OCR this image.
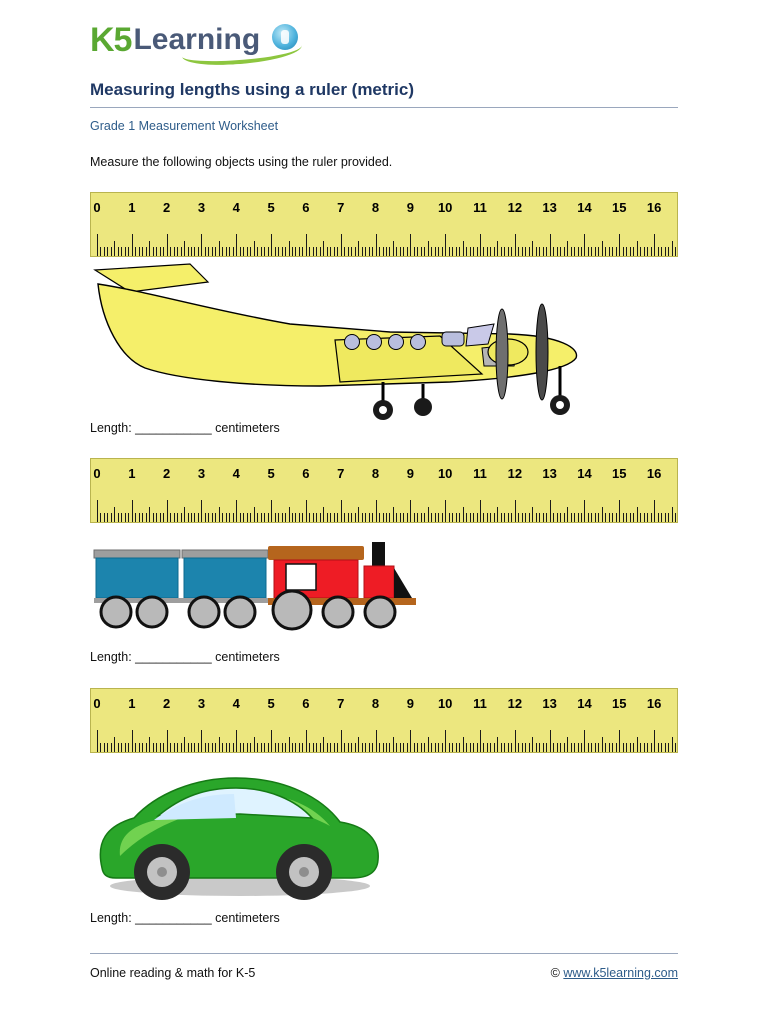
K5 Learning
Measuring lengths using a ruler (metric)
Grade 1 Measurement Worksheet
Measure the following objects using the ruler provided.
0 1 2 3 4 5 6 7 8 9 10 11 12 13 14 15 16
Length: ___________ centimeters
0 1 2 3 4 5 6 7 8 9 10 11 12 13 14 15 16
Length: ___________ centimeters
0 1 2 3 4 5 6 7 8 9 10 11 12 13 14 15 16
Length: ___________ centimeters
Online reading & math for K-5	© www.k5learning.com
